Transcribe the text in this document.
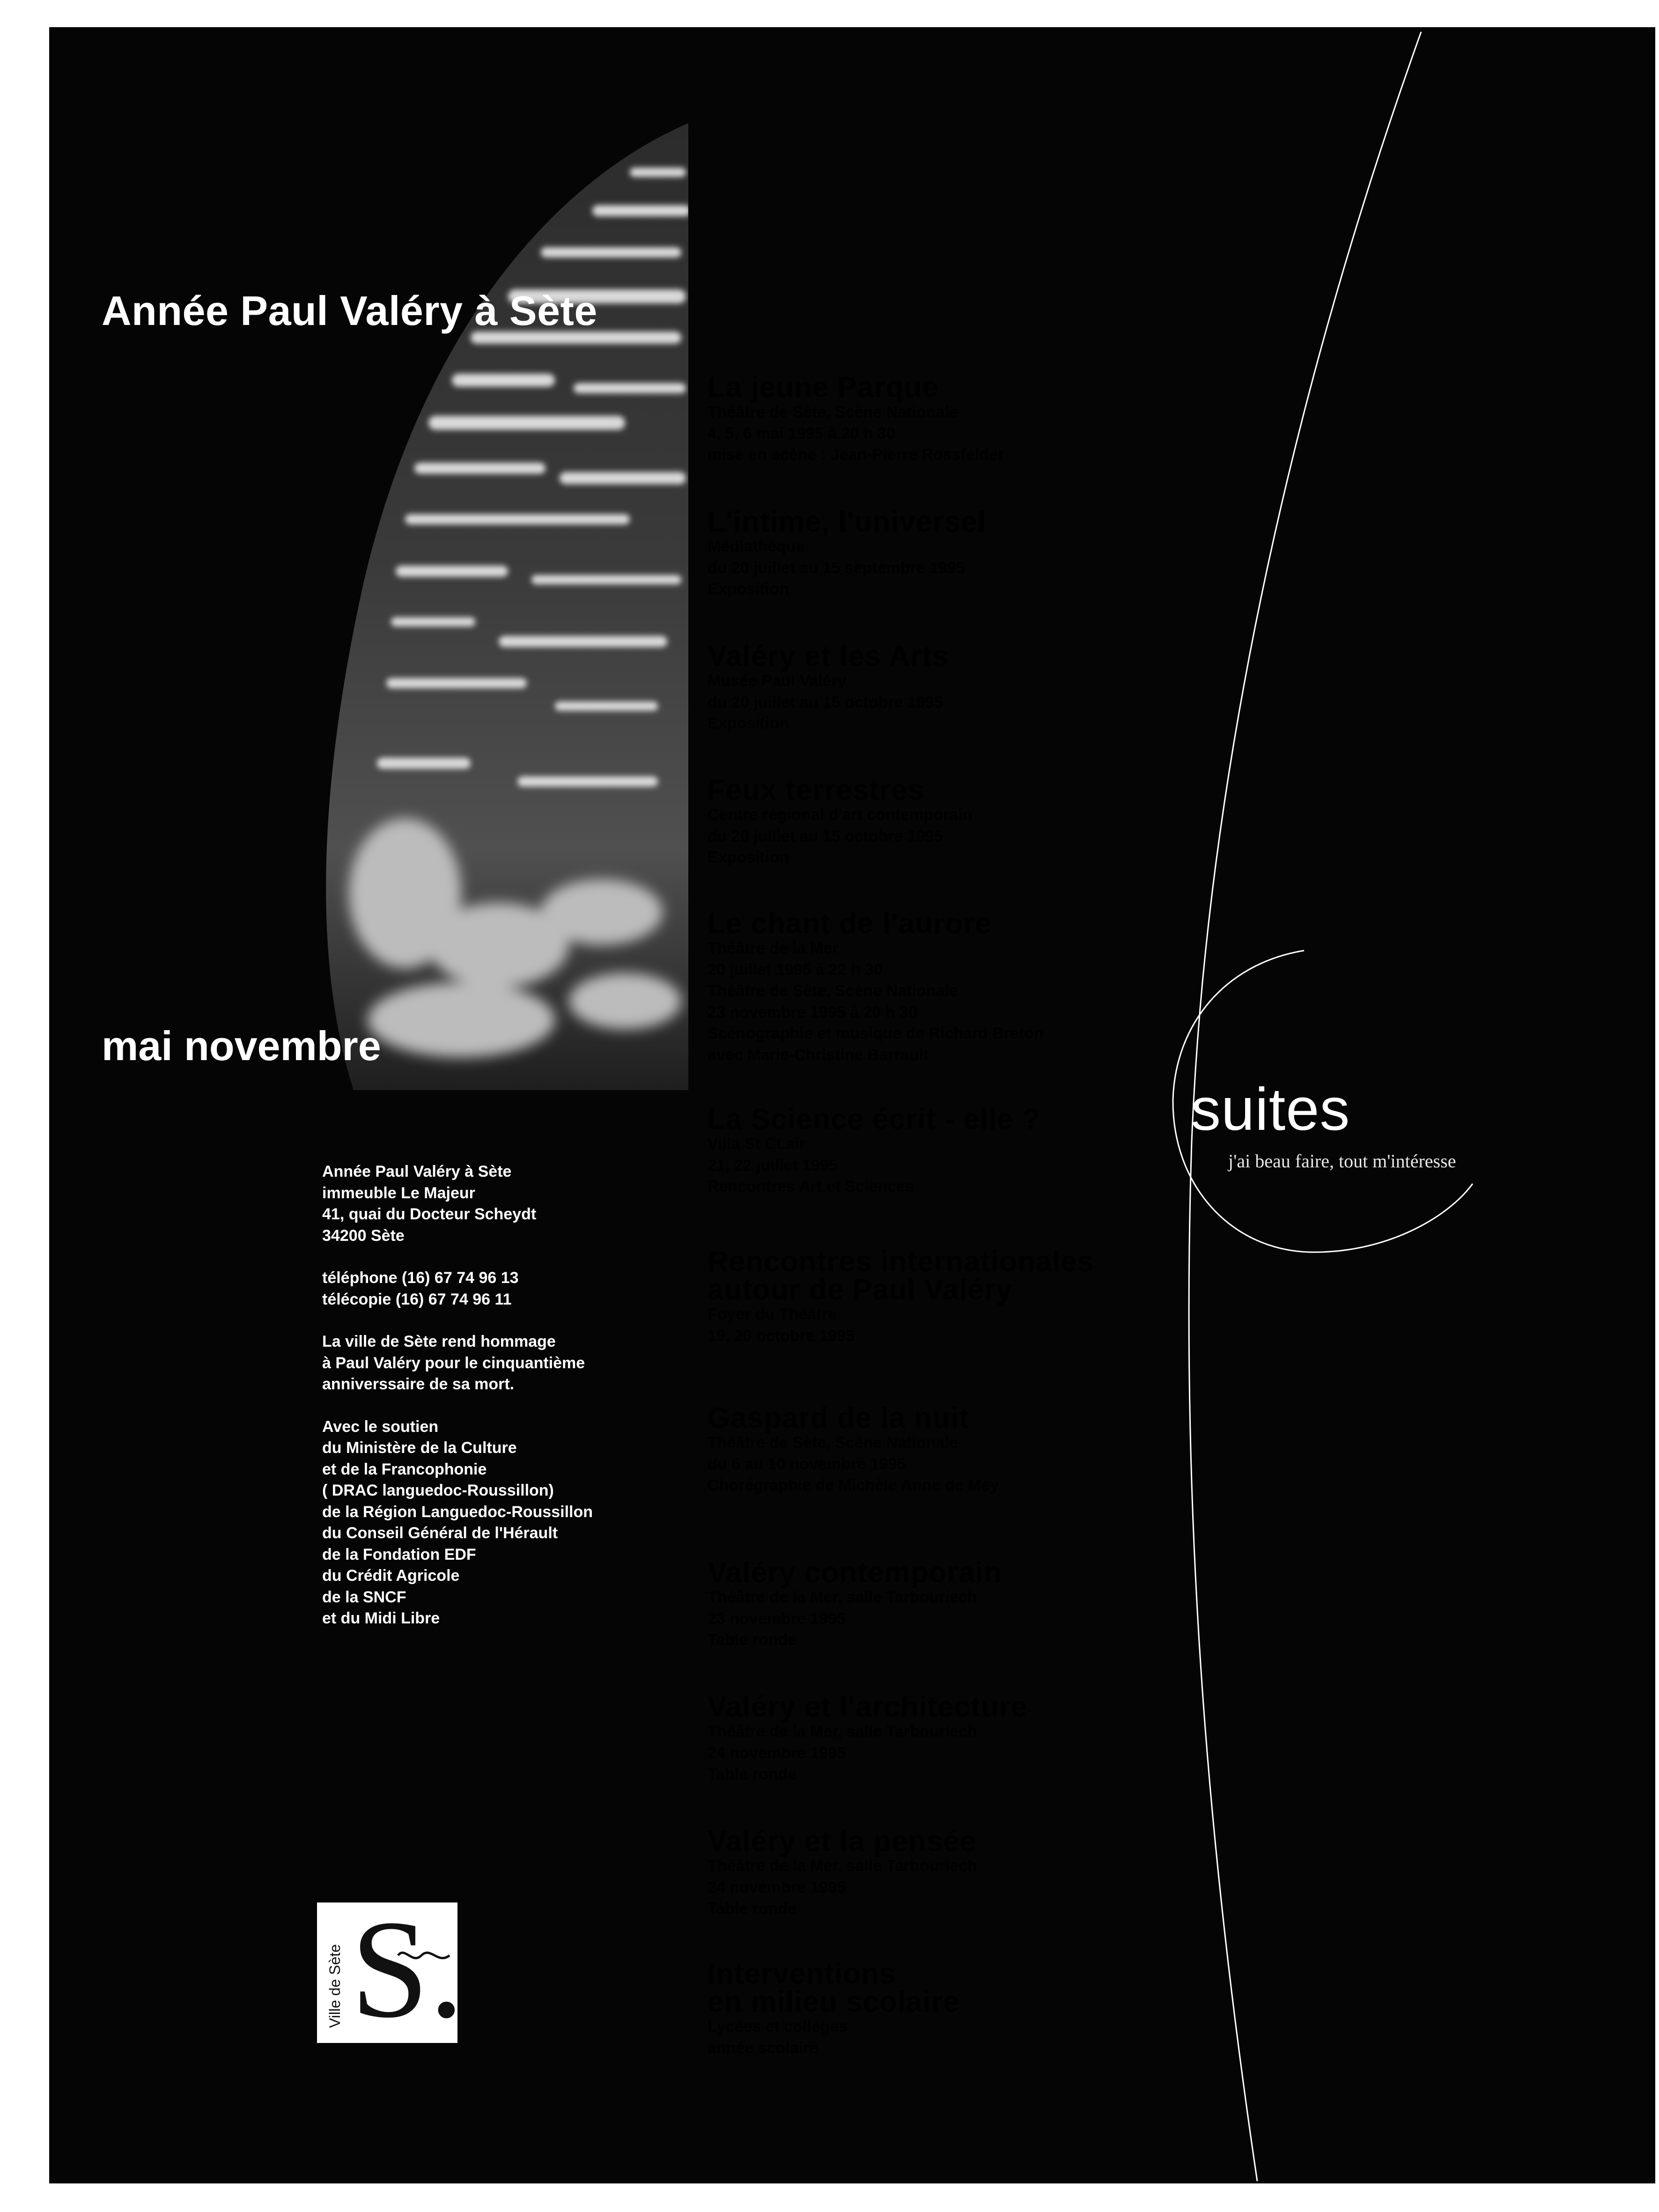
Année Paul Valéry à Sète
mai novembre
Année Paul Valéry à Sète
immeuble Le Majeur
41, quai du Docteur Scheydt
34200 Sète
téléphone (16) 67 74 96 13
télécopie (16) 67 74 96 11
La ville de Sète rend hommage
à Paul Valéry pour le cinquantième
anniverssaire de sa mort.
Avec le soutien
du Ministère de la Culture
et de la Francophonie
( DRAC languedoc-Roussillon)
de la Région Languedoc-Roussillon
du Conseil Général de l'Hérault
de la Fondation EDF
du Crédit Agricole
de la SNCF
et du Midi Libre
La jeune Parque
Théâtre de Sète, Scène Nationale
4, 5, 6 mai 1995 à 20 h 30
mise en scène : Jean-Pierre Rossfelder
L'intime, l'universel
Médiathèque
du 20 juillet au 15 septembre 1995
Exposition
Valéry et les Arts
Musée Paul Valéry
du 20 juillet au 15 octobre 1995
Exposition
Feux terrestres
Centre régional d'art contemporain
du 20 juillet au 15 octobre 1995
Exposition
Le chant de l'aurore
Théâtre de la Mer
20 juillet 1995 à 22 h 30
Théâtre de Sète, Scène Nationale
23 novembre 1995 à 20 h 30
Scénographie et musique de Richard Breton
avec Marie-Christine Barrault
La Science écrit - elle ?
Villa St CLair
21, 22 juillet 1995
Rencontres Art et Sciences
Rencontres internationales
autour de Paul Valéry
Foyer du Théâtre
19, 20 octobre 1995
Gaspard de la nuit
Théâtre de Sète, Scène Nationale
du 6 au 10 novembre 1995
Chorégraphie de Michèle Anne de Mey
Valéry contemporain
Théâtre de la Mer, salle Tarbouriech
23 novembre 1995
Table ronde
Valéry et l'architecture
Théâtre de la Mer, salle Tarbouriech
24 novembre 1995
Table ronde
Valéry et la pensée
Théâtre de la Mer, salle Tarbouriech
24 novembre 1995
Table ronde
Interventions
en milieu scolaire
Lycées et collèges
année scolaire
suites
j'ai beau faire, tout m'intéresse
Ville de Sète S.
